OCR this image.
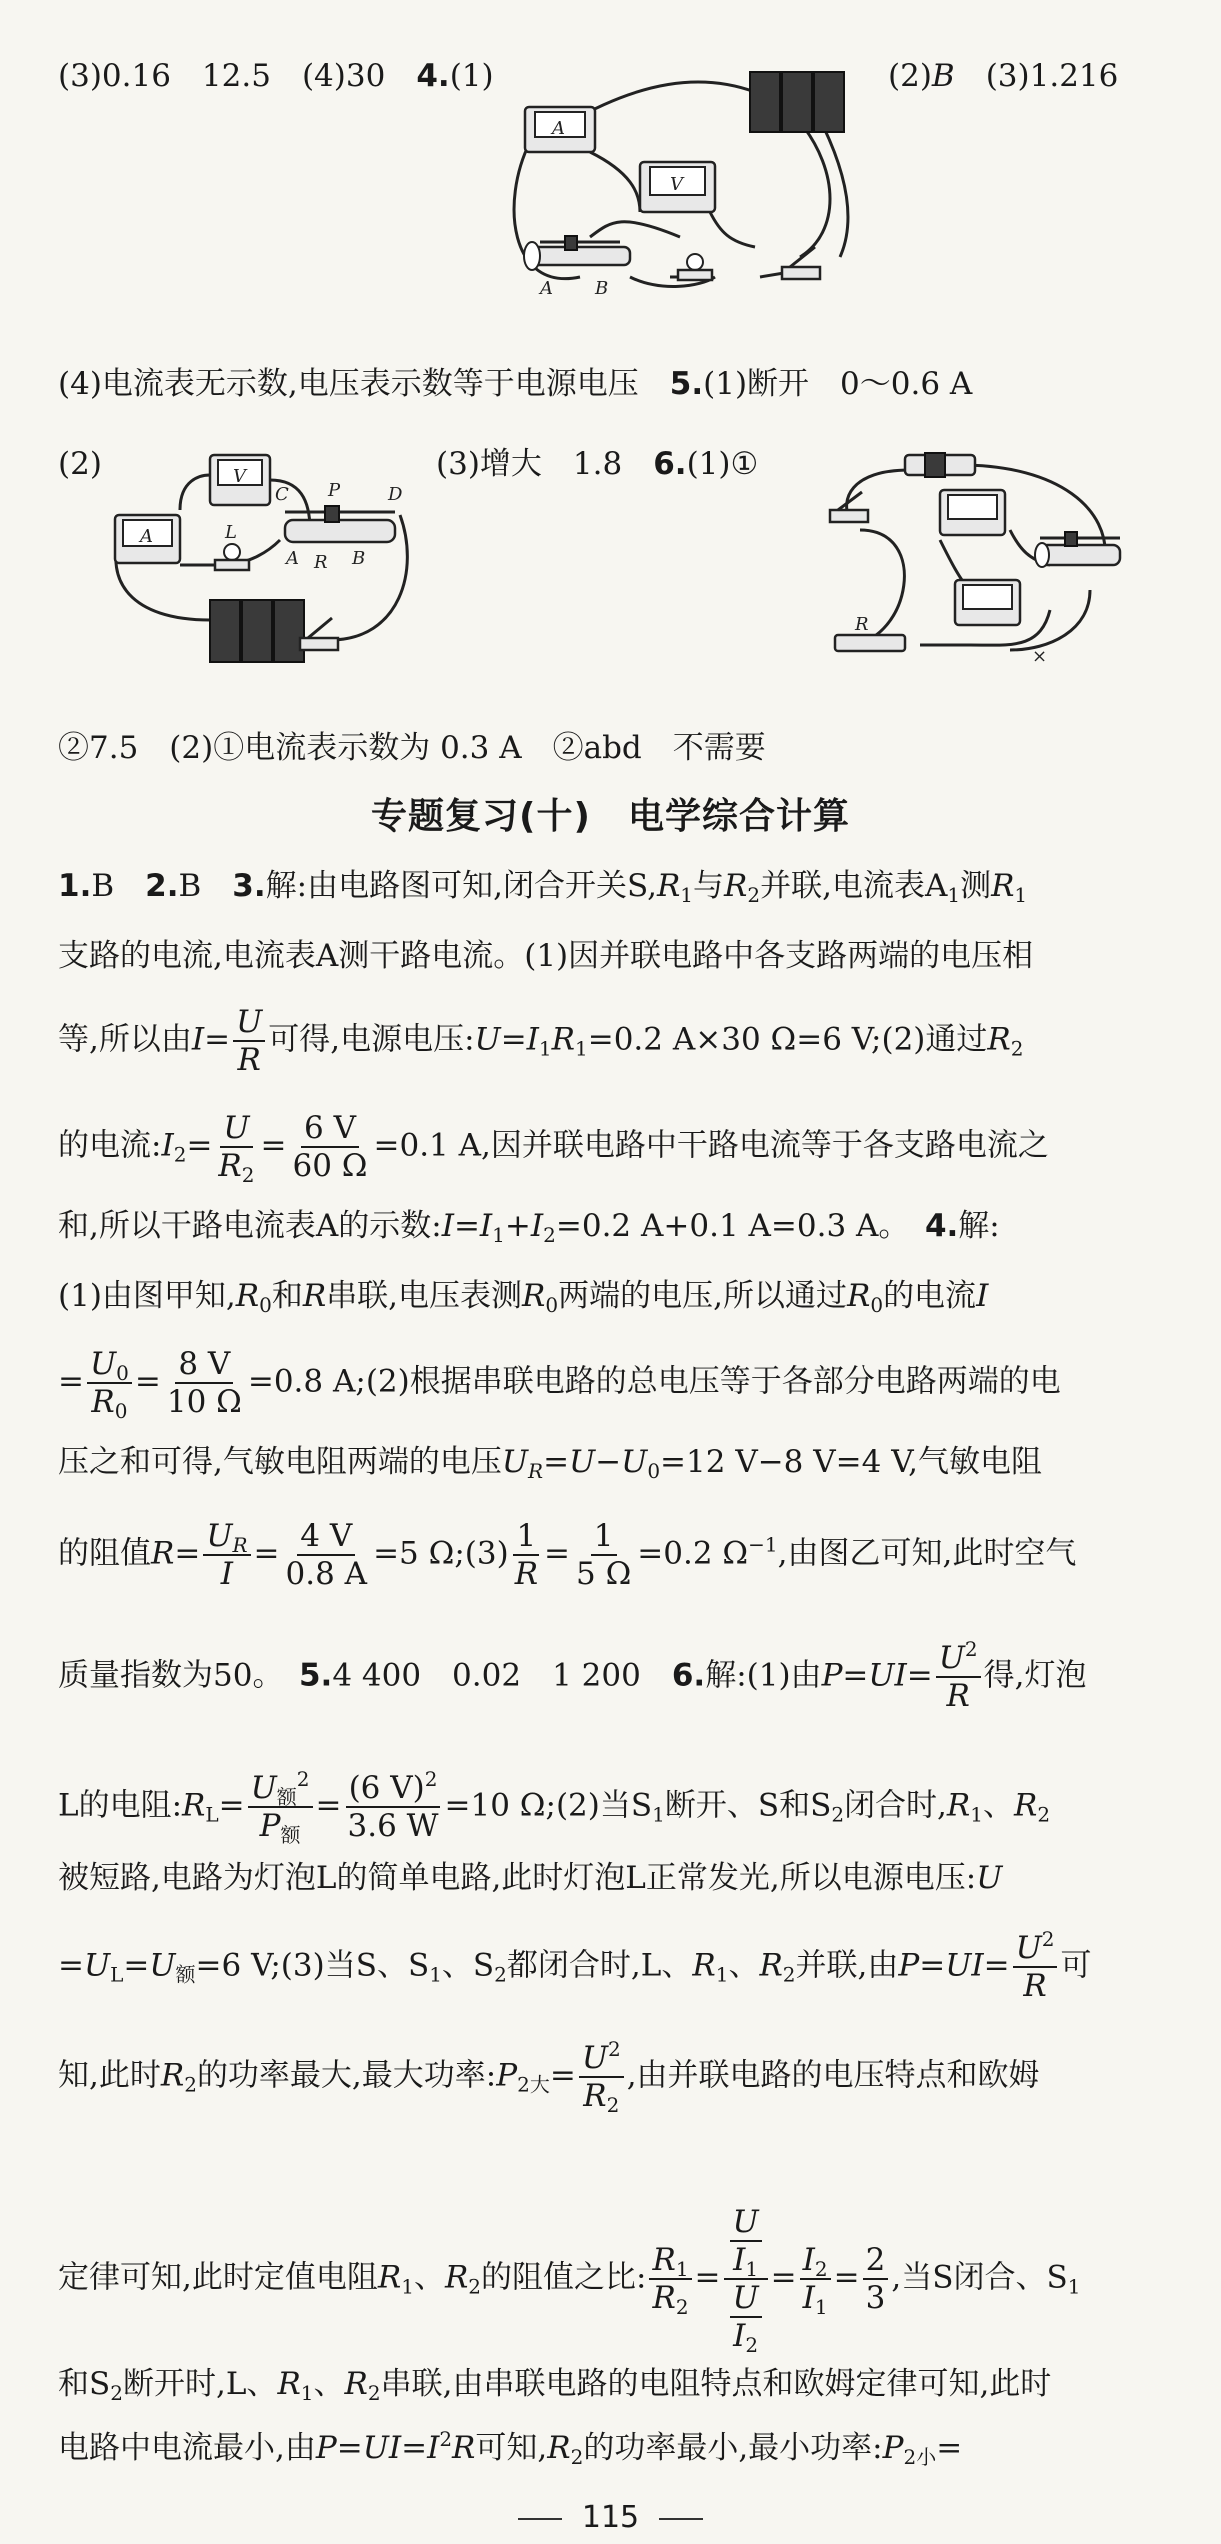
(3)0.16　12.5　(4)30　4.(1)	(2)B　(3)1.216
A
V
A B
(4)电流表无示数,电压表示数等于电源电压　5.(1)断开　0～0.6 A
(2)	(3)增大　1.8　6.(1)①
V
A	L
C P	D
A R B
R
×
②7.5　(2)①电流表示数为 0.3 A　②abd　不需要
专题复习(十)　电学综合计算
1.B　2.B　3.解:由电路图可知,闭合开关$S,R_1$与$R_2$并联,电流表$A_1$测$R_1$
支路的电流,电流表A测干路电流。(1)因并联电路中各支路两端的电压相
等,所以由$I= \frac{U}{R}$ 可得,电源电压$:U=I_1R_1=0.2$ A×30 Ω=6 V;(2)通过$R_2$
的电流$:I_2= \frac{U}{R_2} = \frac{6 V}{60 \Omega} =0.1$ A,因并联电路中干路电流等于各支路电流之
和,所以干路电流表A的示数$:I=I_1+I_2=0.2$ A+0.1 A=0.3 A。　4.解:
(1)由图甲知$,R_0$和R串联,电压表测$R_0$两端的电压,所以通过$R_0$的电流I
= $\frac{U_0}{R_0} = \frac{8 V}{10 \Omega} =0.8$ A;(2)根据串联电路的总电压等于各部分电路两端的电
压之和可得,气敏电阻两端的电压$U_R=U-U_0=12$ V−8 V=4 V,气敏电阻
的阻值$R= \frac{U_R}{I} = \frac{4 V}{0.8 A} =5$ Ω;(3) $\frac{1}{R} = \frac{1}{5 \Omega} =0.2$ $\Omega^{-1}$,由图乙可知,此时空气
质量指数为50。　5.4 400　0.02　1 200　6.解:(1)由$P=UI= \frac{U^2}{R}$ 得,灯泡
L的电阻$:R_L= \frac{U_额^2}{P_额} = \frac{(6 V)^2}{3.6 W} =10$ Ω;(2)当$S_1$断开、S和$S_2$闭合时$,R_1$、$R_2$
被短路,电路为灯泡L的简单电路,此时灯泡L正常发光,所以电源电压:U
$=U_L=U_额=6$ V;(3)当S、$S_1$、$S_2$都闭合时,L、$R_1$、$R_2$并联,由$P=UI= \frac{U^2}{R}$ 可
知,此时$R_2$的功率最大,最大功率$:P_{2大}= \frac{U^2}{R_2}$ ,由并联电路的电压特点和欧姆
定律可知,此时定值电阻$R_1$、$R_2$的阻值之比: $\frac{R_1}{R_2} = \frac{\frac{U}{I_1}}{\frac{U}{I_2}} = \frac{I_2}{I_1} = \frac{2}{3}$ ,当S闭合、$S_1$
和$S_2$断开时,L、$R_1$、$R_2$串联,由串联电路的电阻特点和欧姆定律可知,此时
电路中电流最小,由$P=UI=I^2R$可知$,R_2$的功率最小,最小功率$:P_{2小}=$
115
